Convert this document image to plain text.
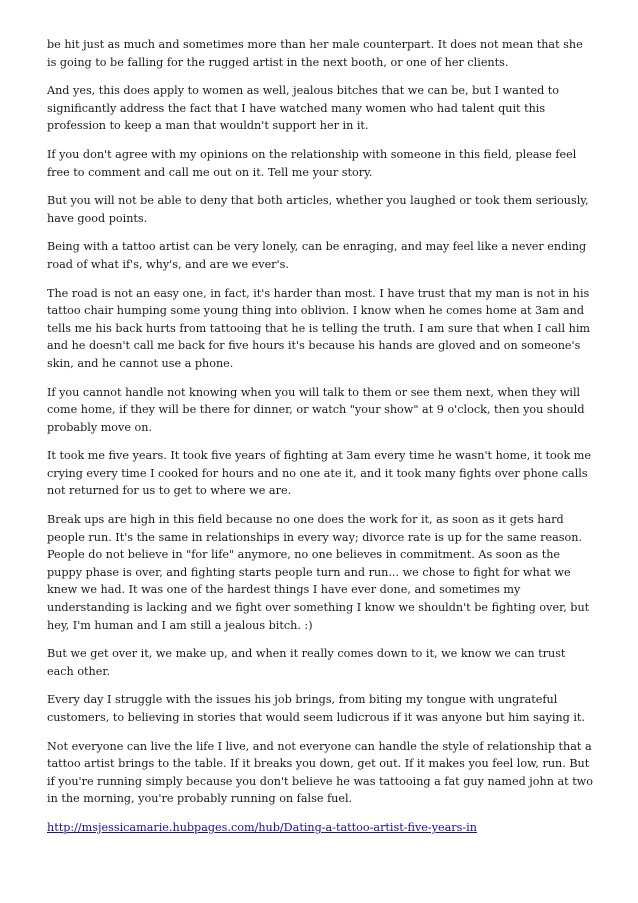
be hit just as much and sometimes more than her male counterpart. It does not mean that she is going to be falling for the rugged artist in the next booth, or one of her clients.

And yes, this does apply to women as well, jealous bitches that we can be, but I wanted to significantly address the fact that I have watched many women who had talent quit this profession to keep a man that wouldn't support her in it.

If you don't agree with my opinions on the relationship with someone in this field, please feel free to comment and call me out on it. Tell me your story.

But you will not be able to deny that both articles, whether you laughed or took them seriously, have good points.

Being with a tattoo artist can be very lonely, can be enraging, and may feel like a never ending road of what if's, why's, and are we ever's.

The road is not an easy one, in fact, it's harder than most. I have trust that my man is not in his tattoo chair humping some young thing into oblivion. I know when he comes home at 3am and tells me his back hurts from tattooing that he is telling the truth. I am sure that when I call him and he doesn't call me back for five hours it's because his hands are gloved and on someone's skin, and he cannot use a phone.

If you cannot handle not knowing when you will talk to them or see them next, when they will come home, if they will be there for dinner, or watch "your show" at 9 o'clock, then you should probably move on.

It took me five years. It took five years of fighting at 3am every time he wasn't home, it took me crying every time I cooked for hours and no one ate it, and it took many fights over phone calls not returned for us to get to where we are.

Break ups are high in this field because no one does the work for it, as soon as it gets hard people run. It's the same in relationships in every way; divorce rate is up for the same reason. People do not believe in "for life" anymore, no one believes in commitment. As soon as the puppy phase is over, and fighting starts people turn and run... we chose to fight for what we knew we had. It was one of the hardest things I have ever done, and sometimes my understanding is lacking and we fight over something I know we shouldn't be fighting over, but hey, I'm human and I am still a jealous bitch. :)

But we get over it, we make up, and when it really comes down to it, we know we can trust each other.

Every day I struggle with the issues his job brings, from biting my tongue with ungrateful customers, to believing in stories that would seem ludicrous if it was anyone but him saying it.

Not everyone can live the life I live, and not everyone can handle the style of relationship that a tattoo artist brings to the table. If it breaks you down, get out. If it makes you feel low, run. But if you're running simply because you don't believe he was tattooing a fat guy named john at two in the morning, you're probably running on false fuel.

http://msjessicamarie.hubpages.com/hub/Dating-a-tattoo-artist-five-years-in
